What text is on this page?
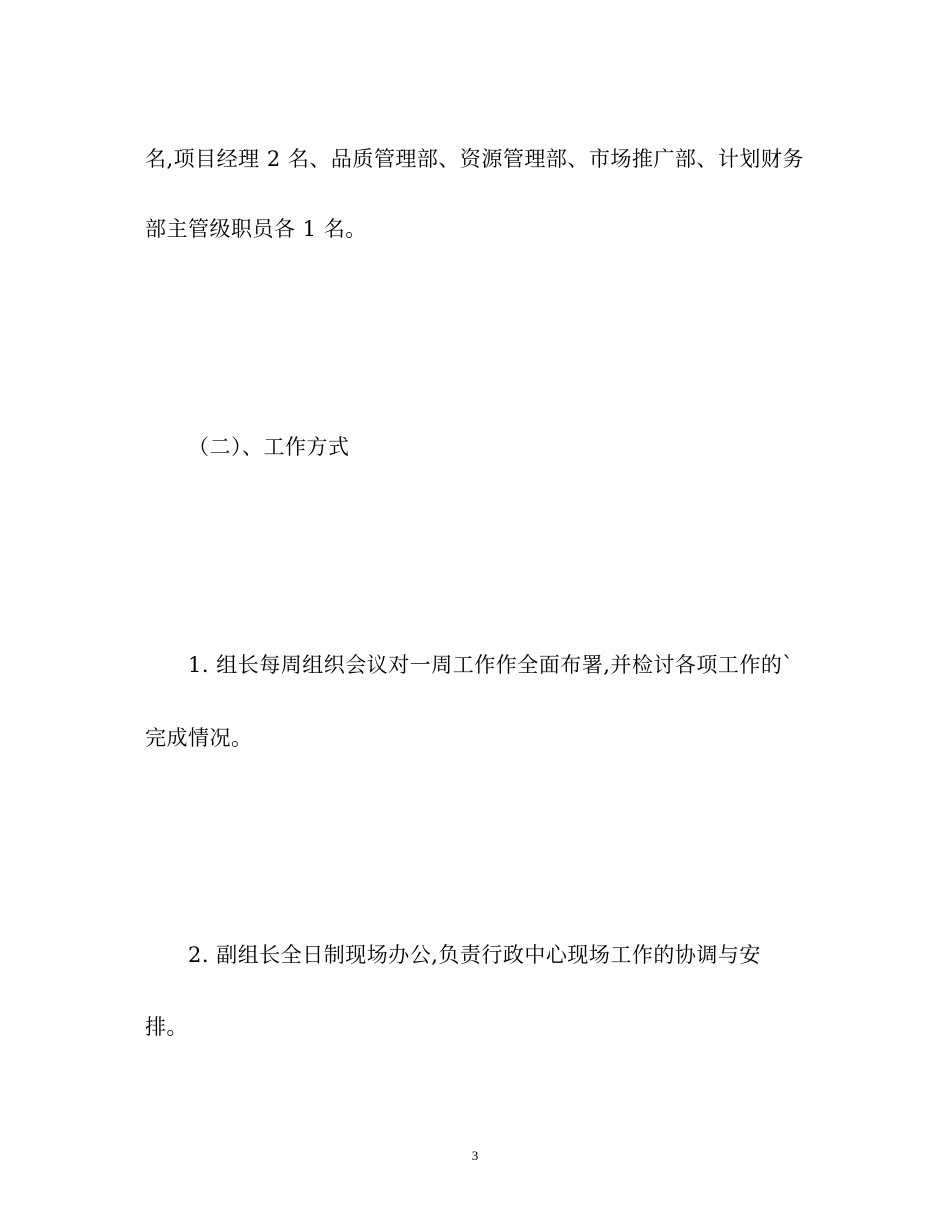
名,项目经理 2 名、品质管理部、资源管理部、市场推广部、计划财务
部主管级职员各 1 名。
（二）、工作方式
1. 组长每周组织会议对一周工作作全面布署,并检讨各项工作的`
完成情况。
2. 副组长全日制现场办公,负责行政中心现场工作的协调与安
排。
3
